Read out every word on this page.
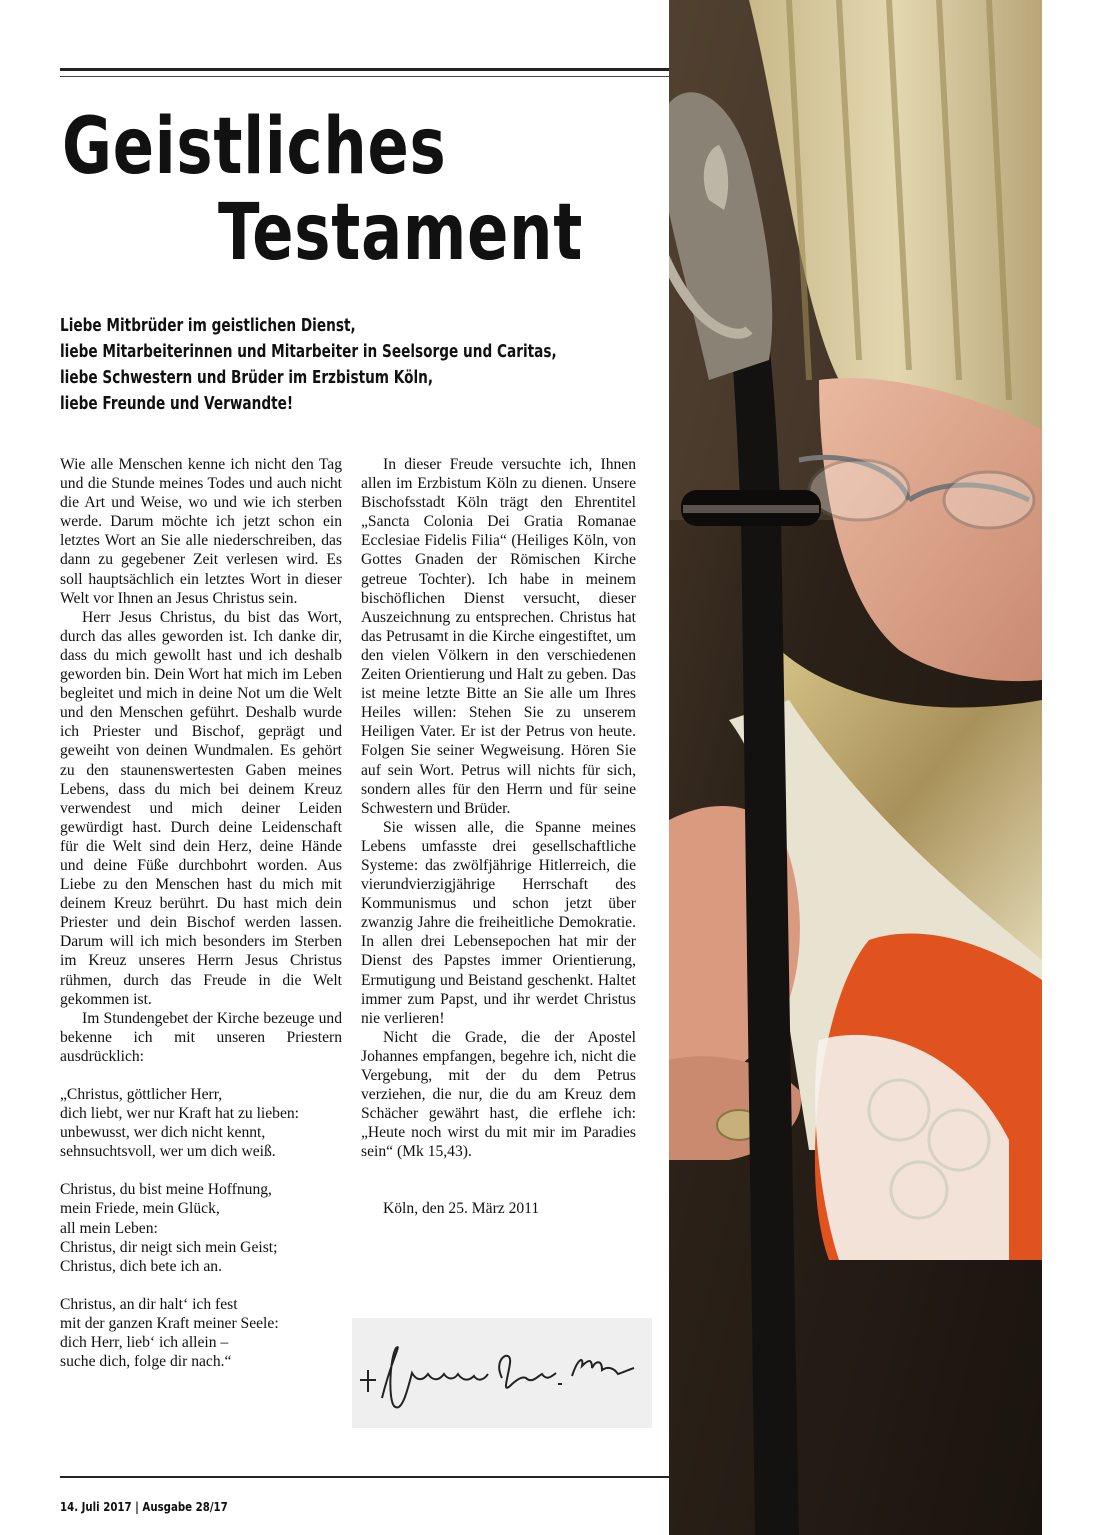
Geistliches
Testament
Liebe Mitbrüder im geistlichen Dienst,
liebe Mitarbeiterinnen und Mitarbeiter in Seelsorge und Caritas,
liebe Schwestern und Brüder im Erzbistum Köln,
liebe Freunde und Verwandte!

Wie alle Menschen kenne ich nicht den Tag und die Stunde meines Todes und auch nicht die Art und Weise, wo und wie ich sterben werde. Darum möchte ich jetzt schon ein letztes Wort an Sie alle niederschreiben, das dann zu gegebener Zeit verlesen wird. Es soll hauptsächlich ein letztes Wort in dieser Welt vor Ihnen an Jesus Christus sein.

Herr Jesus Christus, du bist das Wort, durch das alles geworden ist. Ich danke dir, dass du mich gewollt hast und ich deshalb geworden bin. Dein Wort hat mich im Leben begleitet und mich in deine Not um die Welt und den Menschen geführt. Deshalb wurde ich Priester und Bischof, geprägt und geweiht von deinen Wundmalen. Es gehört zu den staunenswertesten Gaben meines Lebens, dass du mich bei deinem Kreuz verwendest und mich deiner Leiden gewürdigt hast. Durch deine Leidenschaft für die Welt sind dein Herz, deine Hände und deine Füße durchbohrt worden. Aus Liebe zu den Menschen hast du mich mit deinem Kreuz berührt. Du hast mich dein Priester und dein Bischof werden lassen. Darum will ich mich besonders im Sterben im Kreuz unseres Herrn Jesus Christus rühmen, durch das Freude in die Welt gekommen ist.

Im Stundengebet der Kirche bezeuge und bekenne ich mit unseren Priestern ausdrücklich:

„Christus, göttlicher Herr,
dich liebt, wer nur Kraft hat zu lieben:
unbewusst, wer dich nicht kennt,
sehnsuchtsvoll, wer um dich weiß.
Christus, du bist meine Hoffnung,
mein Friede, mein Glück,
all mein Leben:
Christus, dir neigt sich mein Geist;
Christus, dich bete ich an.
Christus, an dir halt‘ ich fest
mit der ganzen Kraft meiner Seele:
dich Herr, lieb‘ ich allein –
suche dich, folge dir nach.“

In dieser Freude versuchte ich, Ihnen allen im Erzbistum Köln zu dienen. Unsere Bischofsstadt Köln trägt den Ehrentitel „Sancta Colonia Dei Gratia Romanae Ecclesiae Fidelis Filia“ (Heiliges Köln, von Gottes Gnaden der Römischen Kirche getreue Tochter). Ich habe in meinem bischöflichen Dienst versucht, dieser Auszeichnung zu entsprechen. Christus hat das Petrusamt in die Kirche eingestiftet, um den vielen Völkern in den verschiedenen Zeiten Orientierung und Halt zu geben. Das ist meine letzte Bitte an Sie alle um Ihres Heiles willen: Stehen Sie zu unserem Heiligen Vater. Er ist der Petrus von heute. Folgen Sie seiner Wegweisung. Hören Sie auf sein Wort. Petrus will nichts für sich, sondern alles für den Herrn und für seine Schwestern und Brüder.

Sie wissen alle, die Spanne meines Lebens umfasste drei gesellschaftliche Systeme: das zwölfjährige Hitlerreich, die vierundvierzigjährige Herrschaft des Kommunismus und schon jetzt über zwanzig Jahre die freiheitliche Demokratie. In allen drei Lebensepochen hat mir der Dienst des Papstes immer Orientierung, Ermutigung und Beistand geschenkt. Haltet immer zum Papst, und ihr werdet Christus nie verlieren!

Nicht die Grade, die der Apostel Johannes empfangen, begehre ich, nicht die Vergebung, mit der du dem Petrus verziehen, die nur, die du am Kreuz dem Schächer gewährt hast, die erflehe ich: „Heute noch wirst du mit mir im Paradies sein“ (Mk 15,43).

Köln, den 25. März 2011

14. Juli 2017 | Ausgabe 28/17
